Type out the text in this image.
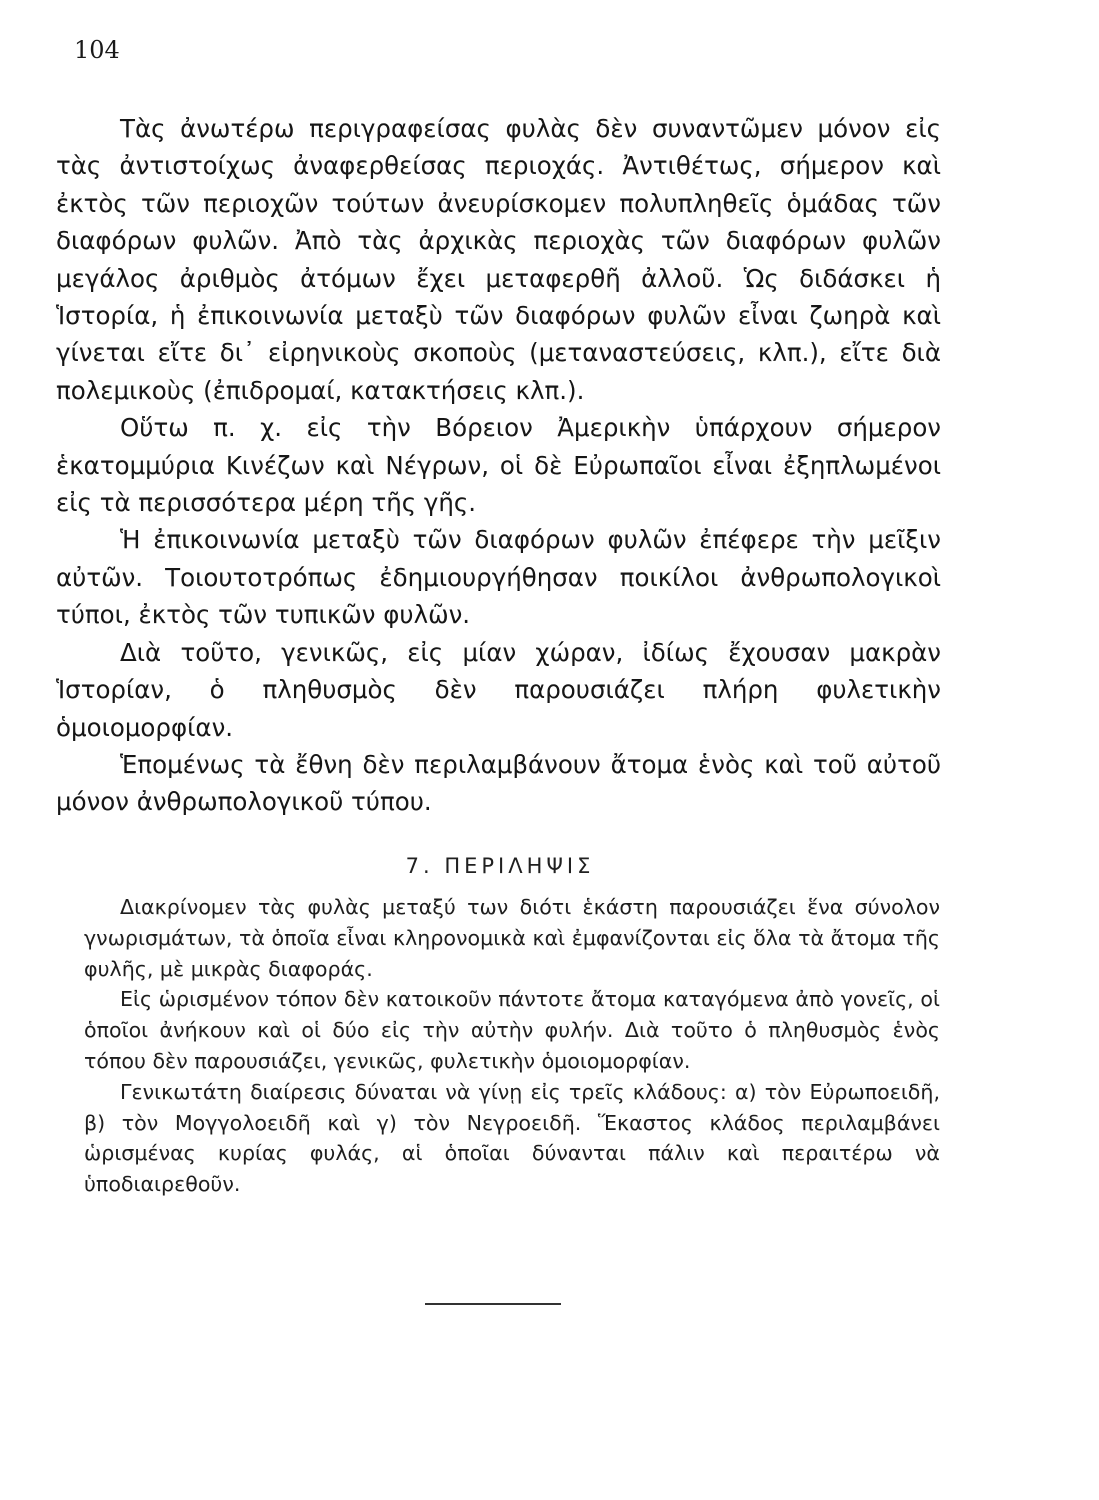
104

Τὰς ἀνωτέρω περιγραφείσας φυλὰς δὲν συναντῶμεν μόνον εἰς τὰς ἀντιστοίχως ἀναφερθείσας περιοχάς. Ἀντιθέτως, σήμερον καὶ ἐκτὸς τῶν περιοχῶν τούτων ἀνευρίσκομεν πολυπληθεῖς ὁμάδας τῶν διαφόρων φυλῶν. Ἀπὸ τὰς ἀρχικὰς περιοχὰς τῶν διαφόρων φυλῶν μεγάλος ἀριθμὸς ἀτόμων ἔχει μεταφερθῆ ἀλλοῦ. Ὡς διδάσκει ἡ Ἱστορία, ἡ ἐπικοινωνία μεταξὺ τῶν διαφόρων φυλῶν εἶναι ζωηρὰ καὶ γίνεται εἴτε δι᾽ εἰρηνικοὺς σκοποὺς (μεταναστεύσεις, κλπ.), εἴτε διὰ πολεμικοὺς (ἐπιδρομαί, κατακτήσεις κλπ.).

Οὕτω π. χ. εἰς τὴν Βόρειον Ἀμερικὴν ὑπάρχουν σήμερον ἑκατομμύρια Κινέζων καὶ Νέγρων, οἱ δὲ Εὐρωπαῖοι εἶναι ἐξηπλωμένοι εἰς τὰ περισσότερα μέρη τῆς γῆς.

Ἡ ἐπικοινωνία μεταξὺ τῶν διαφόρων φυλῶν ἐπέφερε τὴν μεῖξιν αὐτῶν. Τοιουτοτρόπως ἐδημιουργήθησαν ποικίλοι ἀνθρωπολογικοὶ τύποι, ἐκτὸς τῶν τυπικῶν φυλῶν.

Διὰ τοῦτο, γενικῶς, εἰς μίαν χώραν, ἰδίως ἔχουσαν μακρὰν Ἱστορίαν, ὁ πληθυσμὸς δὲν παρουσιάζει πλήρη φυλετικὴν ὁμοιομορφίαν.

Ἑπομένως τὰ ἔθνη δὲν περιλαμβάνουν ἄτομα ἑνὸς καὶ τοῦ αὐτοῦ μόνον ἀνθρωπολογικοῦ τύπου.

7. ΠΕΡΙΛΗΨΙΣ

Διακρίνομεν τὰς φυλὰς μεταξύ των διότι ἑκάστη παρουσιάζει ἕνα σύνολον γνωρισμάτων, τὰ ὁποῖα εἶναι κληρονομικὰ καὶ ἐμφανίζονται εἰς ὅλα τὰ ἄτομα τῆς φυλῆς, μὲ μικρὰς διαφοράς.

Εἰς ὡρισμένον τόπον δὲν κατοικοῦν πάντοτε ἄτομα καταγόμενα ἀπὸ γονεῖς, οἱ ὁποῖοι ἀνήκουν καὶ οἱ δύο εἰς τὴν αὐτὴν φυλήν. Διὰ τοῦτο ὁ πληθυσμὸς ἑνὸς τόπου δὲν παρουσιάζει, γενικῶς, φυλετικὴν ὁμοιομορφίαν.

Γενικωτάτη διαίρεσις δύναται νὰ γίνῃ εἰς τρεῖς κλάδους: α) τὸν Εὐρωποειδῆ, β) τὸν Μογγολοειδῆ καὶ γ) τὸν Νεγροειδῆ. Ἕκαστος κλάδος περιλαμβάνει ὡρισμένας κυρίας φυλάς, αἱ ὁποῖαι δύνανται πάλιν καὶ περαιτέρω νὰ ὑποδιαιρεθοῦν.
